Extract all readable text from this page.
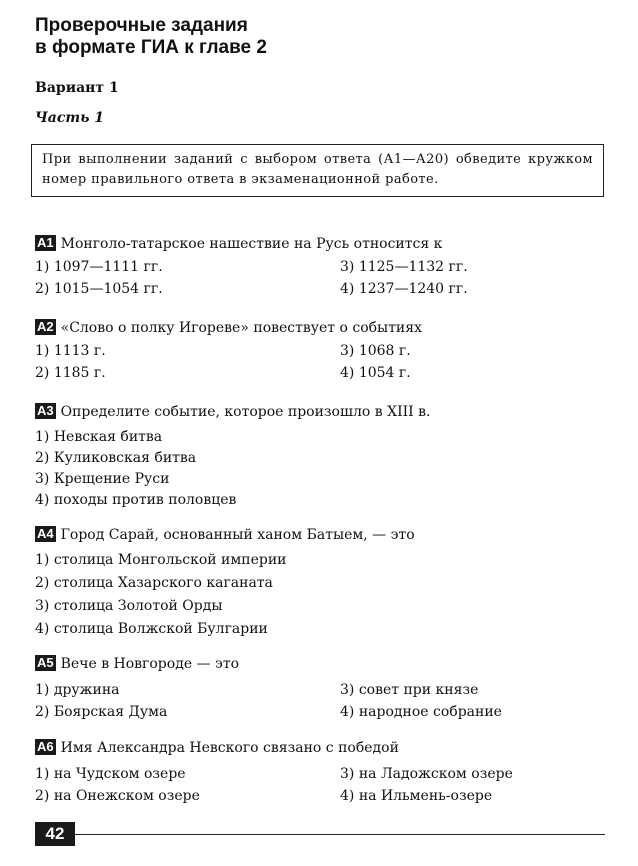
Проверочные задания
в формате ГИА к главе 2
Вариант 1
Часть 1
При выполнении заданий с выбором ответа (А1—А20) обведите кружком номер правильного ответа в экзаменационной работе.
А1 Монголо-татарское нашествие на Русь относится к
1) 1097—1111 гг.	3) 1125—1132 гг.
2) 1015—1054 гг.	4) 1237—1240 гг.
А2 «Слово о полку Игореве» повествует о событиях
1) 1113 г.	3) 1068 г.
2) 1185 г.	4) 1054 г.
А3 Определите событие, которое произошло в XIII в.
1) Невская битва
2) Куликовская битва
3) Крещение Руси
4) походы против половцев
А4 Город Сарай, основанный ханом Батыем, — это
1) столица Монгольской империи
2) столица Хазарского каганата
3) столица Золотой Орды
4) столица Волжской Булгарии
А5 Вече в Новгороде — это
1) дружина	3) совет при князе
2) Боярская Дума	4) народное собрание
А6 Имя Александра Невского связано с победой
1) на Чудском озере	3) на Ладожском озере
2) на Онежском озере	4) на Ильмень-озере
42
